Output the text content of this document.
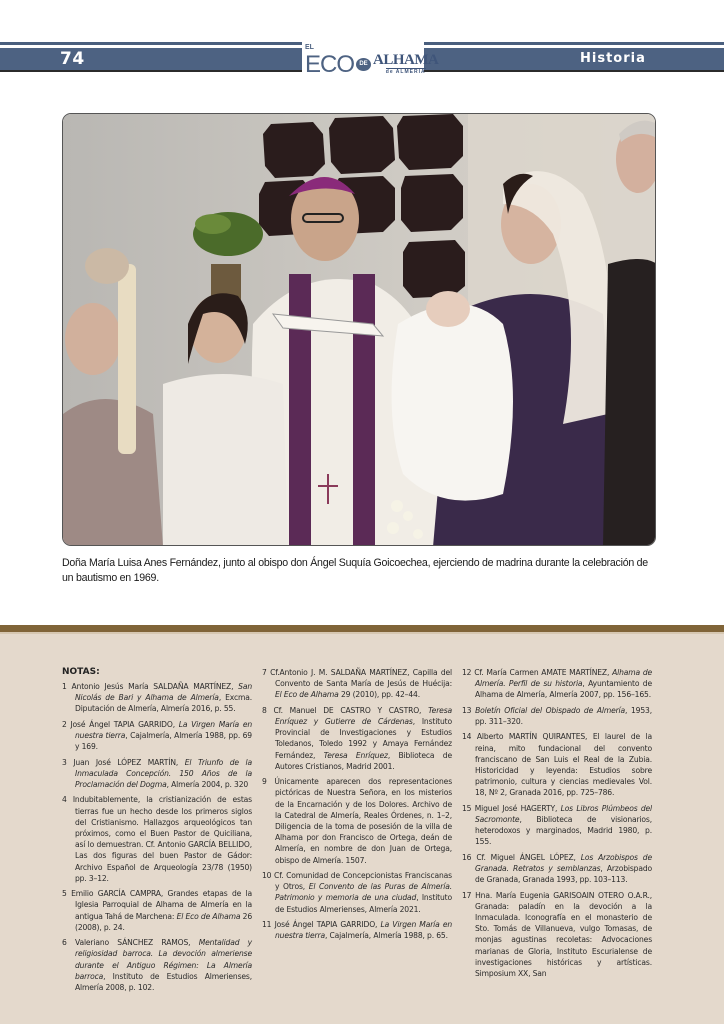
74	Historia
EL
ECO DE ALHAMA
de ALMERÍA
Doña María Luisa Anes Fernández, junto al obispo don Ángel Suquía Goicoechea, ejerciendo de madrina durante la celebración de un bautismo en 1969.
NOTAS:

1 Antonio Jesús María SALDAÑA MARTÍNEZ, San Nicolás de Bari y Alhama de Almería, Excma. Diputación de Almería, Almería 2016, p. 55.

2 José Ángel TAPIA GARRIDO, La Virgen María en nuestra tierra, Cajalmería, Almería 1988, pp. 69 y 169.

3 Juan José LÓPEZ MARTÍN, El Triunfo de la Inmaculada Concepción. 150 Años de la Proclamación del Dogma, Almería 2004, p. 320

4 Indubitablemente, la cristianización de estas tierras fue un hecho desde los primeros siglos del Cristianismo. Hallazgos arqueológicos tan próximos, como el Buen Pastor de Quiciliana, así lo demuestran. Cf. Antonio GARCÍA BELLIDO, Las dos figuras del buen Pastor de Gádor: Archivo Español de Arqueología 23/78 (1950) pp. 3–12.

5 Emilio GARCÍA CAMPRA, Grandes etapas de la Iglesia Parroquial de Alhama de Almería en la antigua Tahá de Marchena: El Eco de Alhama 26 (2008), p. 24.

6 Valeriano SÁNCHEZ RAMOS, Mentalidad y religiosidad barroca. La devoción almeriense durante el Antiguo Régimen: La Almería barroca, Instituto de Estudios Almerienses, Almería 2008, p. 102.

7 Cf.Antonio J. M. SALDAÑA MARTÍNEZ, Capilla del Convento de Santa María de Jesús de Huécija: El Eco de Alhama 29 (2010), pp. 42–44.

8 Cf. Manuel DE CASTRO Y CASTRO, Teresa Enríquez y Gutierre de Cárdenas, Instituto Provincial de Investigaciones y Estudios Toledanos, Toledo 1992 y Amaya Fernández Fernández, Teresa Enríquez, Biblioteca de Autores Cristianos, Madrid 2001.

9 Únicamente aparecen dos representaciones pictóricas de Nuestra Señora, en los misterios de la Encarnación y de los Dolores. Archivo de la Catedral de Almería, Reales Órdenes, n. 1–2, Diligencia de la toma de posesión de la villa de Alhama por don Francisco de Ortega, deán de Almería, en nombre de don Juan de Ortega, obispo de Almería. 1507.

10 Cf. Comunidad de Concepcionistas Franciscanas y Otros, El Convento de las Puras de Almería. Patrimonio y memoria de una ciudad, Instituto de Estudios Almerienses, Almería 2021.

11 José Ángel TAPIA GARRIDO, La Virgen María en nuestra tierra, Cajalmería, Almería 1988, p. 65.

12 Cf. María Carmen AMATE MARTÍNEZ, Alhama de Almería. Perfil de su historia, Ayuntamiento de Alhama de Almería, Almería 2007, pp. 156–165.

13 Boletín Oficial del Obispado de Almería, 1953, pp. 311–320.

14 Alberto MARTÍN QUIRANTES, El laurel de la reina, mito fundacional del convento franciscano de San Luis el Real de la Zubia. Historicidad y leyenda: Estudios sobre patrimonio, cultura y ciencias medievales Vol. 18, Nº 2, Granada 2016, pp. 725–786.

15 Miguel José HAGERTY, Los Libros Plúmbeos del Sacromonte, Biblioteca de visionarios, heterodoxos y marginados, Madrid 1980, p. 155.

16 Cf. Miguel ÁNGEL LÓPEZ, Los Arzobispos de Granada. Retratos y semblanzas, Arzobispado de Granada, Granada 1993, pp. 103–113.

17 Hna. María Eugenia GARISOAIN OTERO O.A.R., Granada: paladín en la devoción a la Inmaculada. Iconografía en el monasterio de Sto. Tomás de Villanueva, vulgo Tomasas, de monjas agustinas recoletas: Advocaciones marianas de Gloria, Instituto Escurialense de investigaciones históricas y artísticas. Simposium XX, San
